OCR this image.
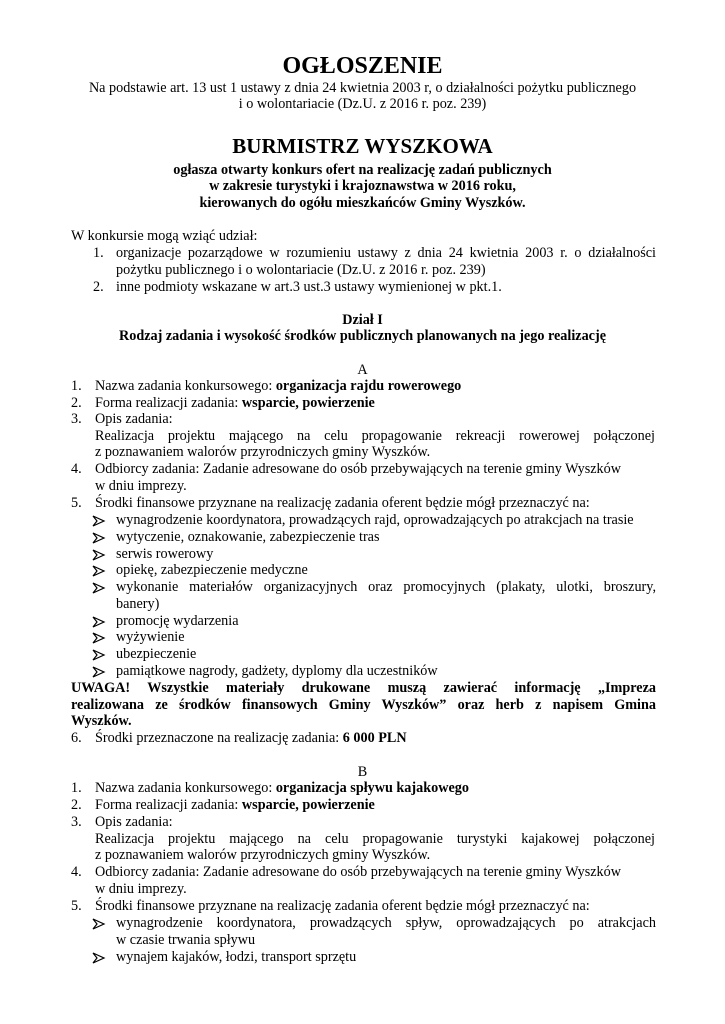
OGŁOSZENIE
Na podstawie art. 13 ust 1 ustawy z dnia 24 kwietnia 2003 r, o działalności pożytku publicznego
i o wolontariacie (Dz.U. z 2016 r. poz. 239)
BURMISTRZ WYSZKOWA
ogłasza otwarty konkurs ofert na realizację zadań publicznych
w zakresie turystyki i krajoznawstwa w 2016 roku,
kierowanych do ogółu mieszkańców Gminy Wyszków.
W konkursie mogą wziąć udział:
1. organizacje pozarządowe w rozumieniu ustawy z dnia 24 kwietnia 2003 r. o działalności
pożytku publicznego i o wolontariacie (Dz.U. z 2016 r. poz. 239)
2. inne podmioty wskazane w art.3 ust.3 ustawy wymienionej w pkt.1.
Dział I
Rodzaj zadania i wysokość środków publicznych planowanych na jego realizację
A
1. Nazwa zadania konkursowego: organizacja rajdu rowerowego
2. Forma realizacji zadania: wsparcie, powierzenie
3. Opis zadania:
Realizacja projektu mającego na celu propagowanie rekreacji rowerowej połączonej
z poznawaniem walorów przyrodniczych gminy Wyszków.
4. Odbiorcy zadania: Zadanie adresowane do osób przebywających na terenie gminy Wyszków
w dniu imprezy.
5. Środki finansowe przyznane na realizację zadania oferent będzie mógł przeznaczyć na:
wynagrodzenie koordynatora, prowadzących rajd, oprowadzających po atrakcjach na trasie
wytyczenie, oznakowanie, zabezpieczenie tras
serwis rowerowy
opiekę, zabezpieczenie medyczne
wykonanie materiałów organizacyjnych oraz promocyjnych (plakaty, ulotki, broszury,
banery)
promocję wydarzenia
wyżywienie
ubezpieczenie
pamiątkowe nagrody, gadżety, dyplomy dla uczestników
UWAGA! Wszystkie materiały drukowane muszą zawierać informację „Impreza
realizowana ze środków finansowych Gminy Wyszków” oraz herb z napisem Gmina
Wyszków.
6. Środki przeznaczone na realizację zadania: 6 000 PLN
B
1. Nazwa zadania konkursowego: organizacja spływu kajakowego
2. Forma realizacji zadania: wsparcie, powierzenie
3. Opis zadania:
Realizacja projektu mającego na celu propagowanie turystyki kajakowej połączonej
z poznawaniem walorów przyrodniczych gminy Wyszków.
4. Odbiorcy zadania: Zadanie adresowane do osób przebywających na terenie gminy Wyszków
w dniu imprezy.
5. Środki finansowe przyznane na realizację zadania oferent będzie mógł przeznaczyć na:
wynagrodzenie koordynatora, prowadzących spływ, oprowadzających po atrakcjach
w czasie trwania spływu
wynajem kajaków, łodzi, transport sprzętu
